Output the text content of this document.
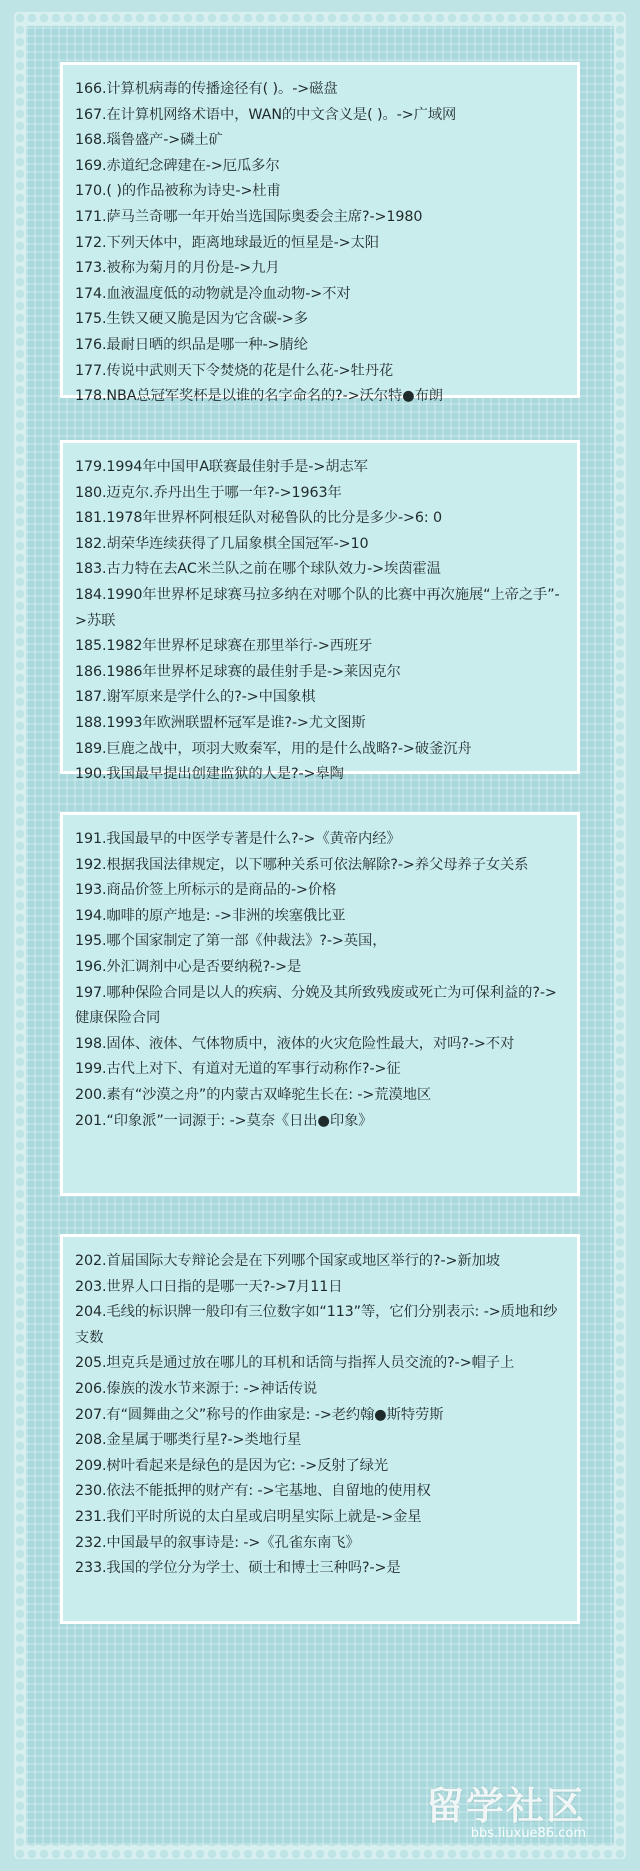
166.计算机病毒的传播途径有( )。->磁盘
167.在计算机网络术语中，WAN的中文含义是( )。->广域网
168.瑙鲁盛产->磷土矿
169.赤道纪念碑建在->厄瓜多尔
170.( )的作品被称为诗史->杜甫
171.萨马兰奇哪一年开始当选国际奥委会主席?->1980
172.下列天体中，距离地球最近的恒星是->太阳
173.被称为菊月的月份是->九月
174.血液温度低的动物就是冷血动物->不对
175.生铁又硬又脆是因为它含碳->多
176.最耐日晒的织品是哪一种->腈纶
177.传说中武则天下令焚烧的花是什么花->牡丹花
178.NBA总冠军奖杯是以谁的名字命名的?->沃尔特●布朗
179.1994年中国甲A联赛最佳射手是->胡志军
180.迈克尔.乔丹出生于哪一年?->1963年
181.1978年世界杯阿根廷队对秘鲁队的比分是多少->6: 0
182.胡荣华连续获得了几届象棋全国冠军->10
183.古力特在去AC米兰队之前在哪个球队效力->埃茵霍温
184.1990年世界杯足球赛马拉多纳在对哪个队的比赛中再次施展“上帝之手”->苏联
185.1982年世界杯足球赛在那里举行->西班牙
186.1986年世界杯足球赛的最佳射手是->莱因克尔
187.谢军原来是学什么的?->中国象棋
188.1993年欧洲联盟杯冠军是谁?->尤文图斯
189.巨鹿之战中，项羽大败秦军，用的是什么战略?->破釜沉舟
190.我国最早提出创建监狱的人是?->皋陶
191.我国最早的中医学专著是什么?->《黄帝内经》
192.根据我国法律规定，以下哪种关系可依法解除?->养父母养子女关系
193.商品价签上所标示的是商品的->价格
194.咖啡的原产地是: ->非洲的埃塞俄比亚
195.哪个国家制定了第一部《仲裁法》?->英国，
196.外汇调剂中心是否要纳税?->是
197.哪种保险合同是以人的疾病、分娩及其所致残废或死亡为可保利益的?->健康保险合同
198.固体、液体、气体物质中，液体的火灾危险性最大，对吗?->不对
199.古代上对下、有道对无道的军事行动称作?->征
200.素有“沙漠之舟”的内蒙古双峰驼生长在: ->荒漠地区
201.“印象派”一词源于: ->莫奈《日出●印象》
202.首届国际大专辩论会是在下列哪个国家或地区举行的?->新加坡
203.世界人口日指的是哪一天?->7月11日
204.毛线的标识牌一般印有三位数字如“113”等，它们分别表示: ->质地和纱支数
205.坦克兵是通过放在哪儿的耳机和话筒与指挥人员交流的?->帽子上
206.傣族的泼水节来源于: ->神话传说
207.有“圆舞曲之父”称号的作曲家是: ->老约翰●斯特劳斯
208.金星属于哪类行星?->类地行星
209.树叶看起来是绿色的是因为它: ->反射了绿光
230.依法不能抵押的财产有: ->宅基地、自留地的使用权
231.我们平时所说的太白星或启明星实际上就是->金星
232.中国最早的叙事诗是: ->《孔雀东南飞》
233.我国的学位分为学士、硕士和博士三种吗?->是
留学社区
bbs.liuxue86.com
